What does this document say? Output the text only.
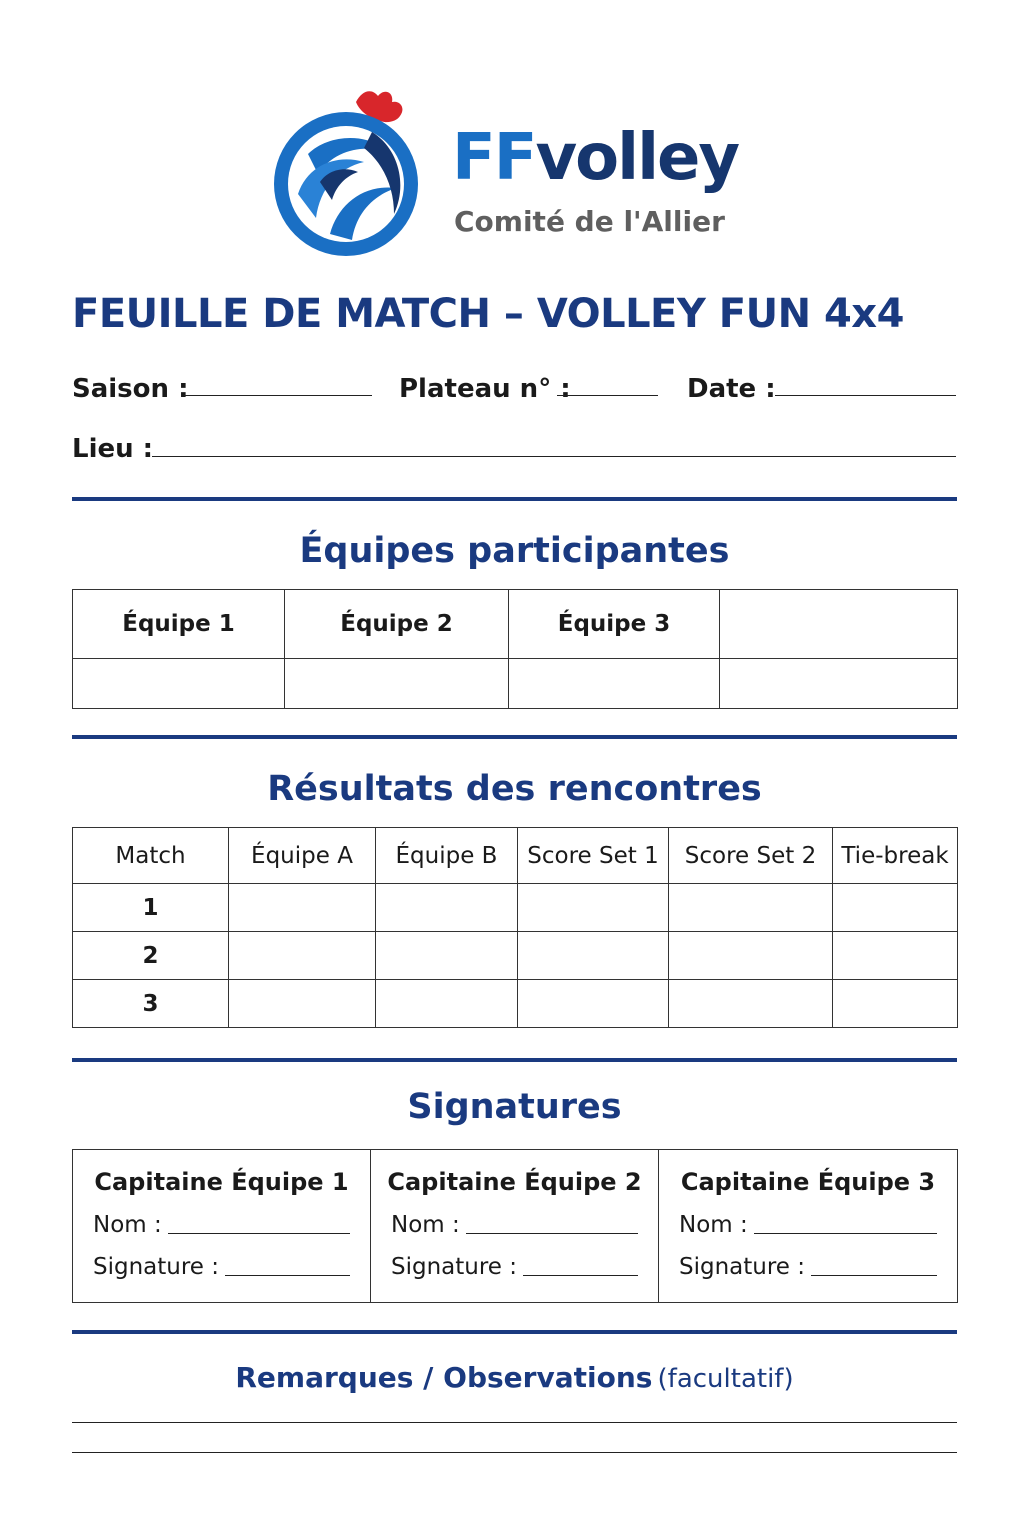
FFvolley
Comité de l'Allier
FEUILLE DE MATCH – VOLLEY FUN 4x4
Saison :	Plateau n° :	Date :
Lieu :
Équipes participantes
Équipe 1	Équipe 2	Équipe 3	

Résultats des rencontres
Match	Équipe A	Équipe B	Score Set 1	Score Set 2	Tie-break
1					
2					
3					
Signatures
Capitaine Équipe 1
Nom :
Signature :

Capitaine Équipe 2
Nom :
Signature :

Capitaine Équipe 3
Nom :
Signature :
Remarques / Observations (facultatif)
